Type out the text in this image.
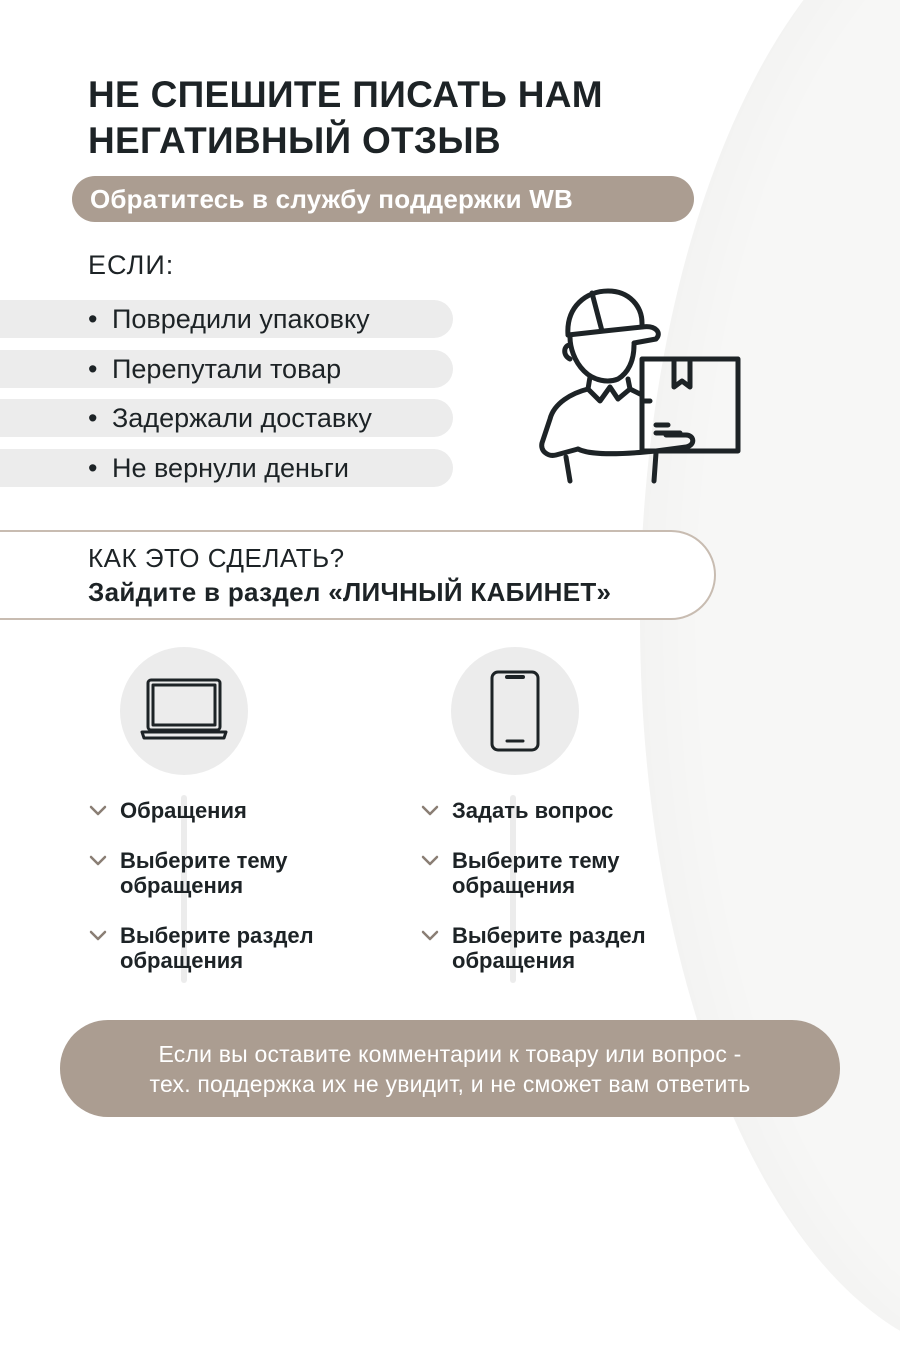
НЕ СПЕШИТЕ ПИСАТЬ НАМ
НЕГАТИВНЫЙ ОТЗЫВ
Обратитесь в службу поддержки WB
ЕСЛИ:
• Повредили упаковку
• Перепутали товар
• Задержали доставку
• Не вернули деньги
КАК ЭТО СДЕЛАТЬ?
Зайдите в раздел «ЛИЧНЫЙ КАБИНЕТ»
Обращения
Выберите тему
обращения
Выберите раздел
обращения
Задать вопрос
Выберите тему
обращения
Выберите раздел
обращения
Если вы оставите комментарии к товару или вопрос -
тех. поддержка их не увидит, и не сможет вам ответить
